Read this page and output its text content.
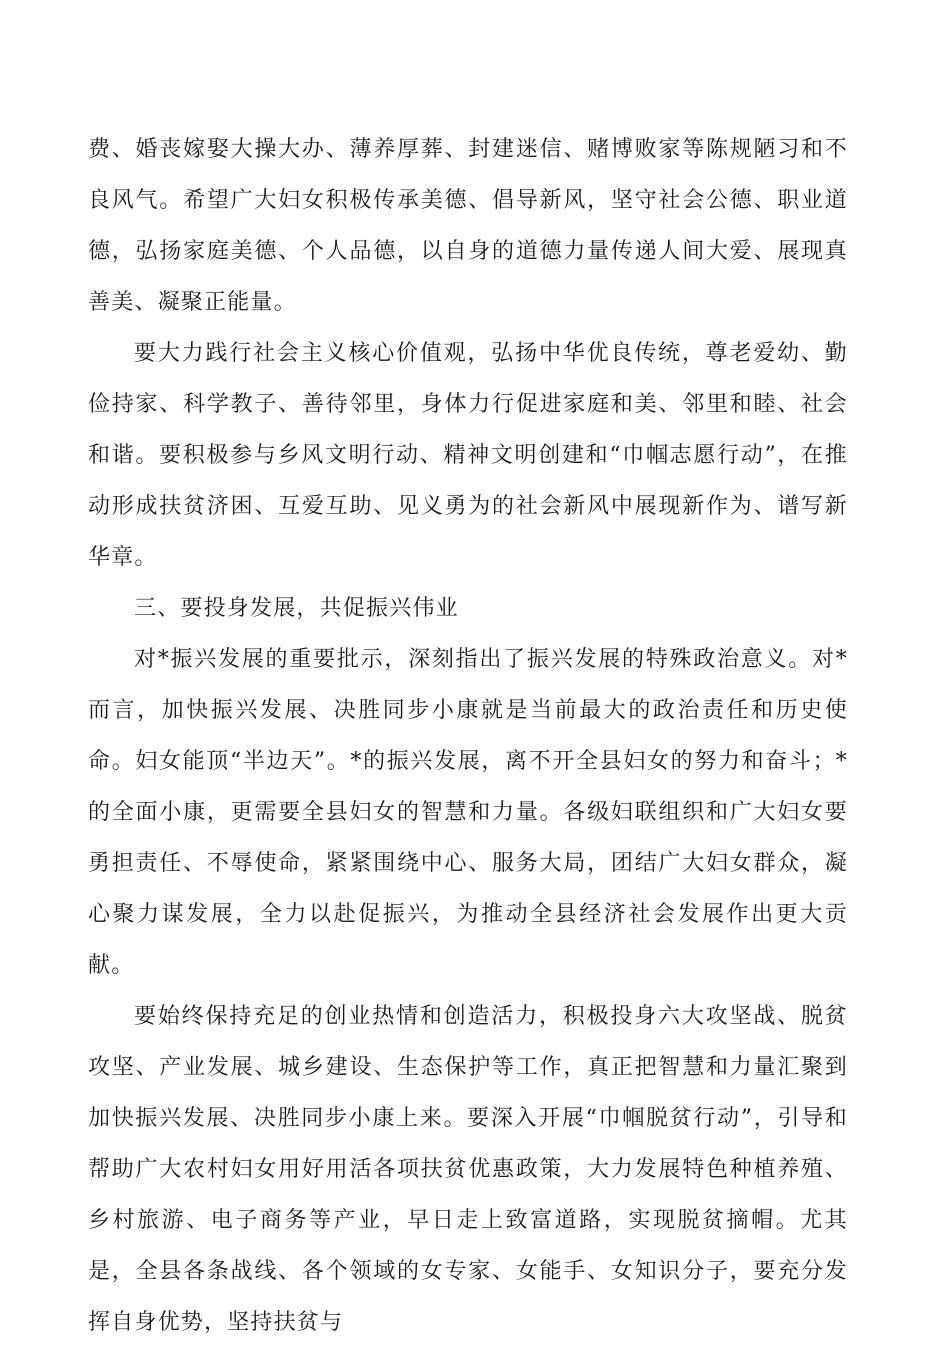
费、婚丧嫁娶大操大办、薄养厚葬、封建迷信、赌博败家等陈规陋习和不良风气。希望广大妇女积极传承美德、倡导新风，坚守社会公德、职业道德，弘扬家庭美德、个人品德，以自身的道德力量传递人间大爱、展现真善美、凝聚正能量。

要大力践行社会主义核心价值观，弘扬中华优良传统，尊老爱幼、勤俭持家、科学教子、善待邻里，身体力行促进家庭和美、邻里和睦、社会和谐。要积极参与乡风文明行动、精神文明创建和“巾帼志愿行动”，在推动形成扶贫济困、互爱互助、见义勇为的社会新风中展现新作为、谱写新华章。

三、要投身发展，共促振兴伟业

对*振兴发展的重要批示，深刻指出了振兴发展的特殊政治意义。对*而言，加快振兴发展、决胜同步小康就是当前最大的政治责任和历史使命。妇女能顶“半边天”。*的振兴发展，离不开全县妇女的努力和奋斗；*的全面小康，更需要全县妇女的智慧和力量。各级妇联组织和广大妇女要勇担责任、不辱使命，紧紧围绕中心、服务大局，团结广大妇女群众，凝心聚力谋发展，全力以赴促振兴，为推动全县经济社会发展作出更大贡献。

要始终保持充足的创业热情和创造活力，积极投身六大攻坚战、脱贫攻坚、产业发展、城乡建设、生态保护等工作，真正把智慧和力量汇聚到加快振兴发展、决胜同步小康上来。要深入开展“巾帼脱贫行动”，引导和帮助广大农村妇女用好用活各项扶贫优惠政策，大力发展特色种植养殖、乡村旅游、电子商务等产业，早日走上致富道路，实现脱贫摘帽。尤其是，全县各条战线、各个领域的女专家、女能手、女知识分子，要充分发挥自身优势，坚持扶贫与
